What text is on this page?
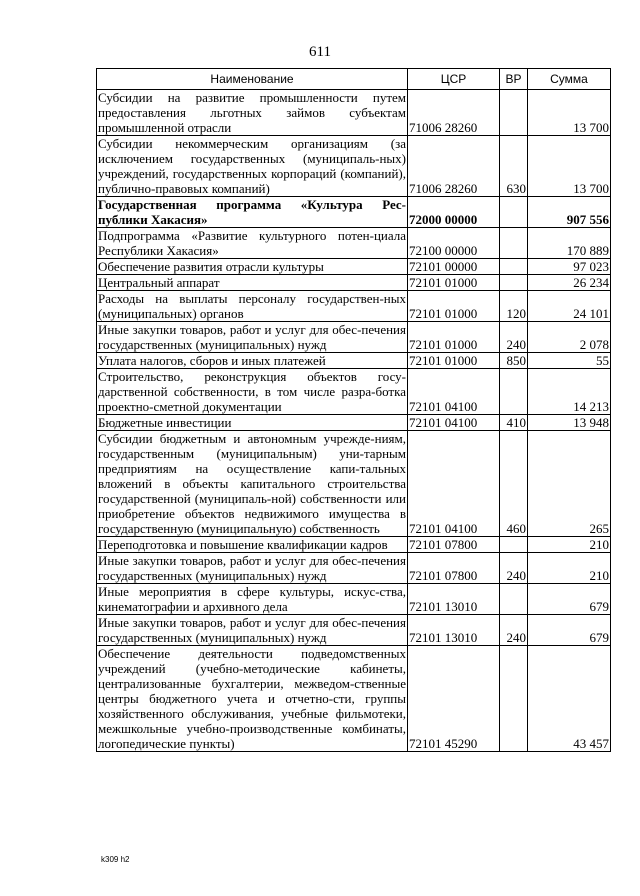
611
Наименование	ЦСР	ВР	Сумма
Субсидии на развитие промышленности путем предоставления льготных займов субъектам промышленной отрасли	71006 28260		13 700
Субсидии некоммерческим организациям (за исключением государственных (муниципаль-ных) учреждений, государственных корпораций (компаний), публично-правовых компаний)	71006 28260	630	13 700
Государственная программа «Культура Рес-публики Хакасия»	72000 00000		907 556
Подпрограмма «Развитие культурного потен-циала Республики Хакасия»	72100 00000		170 889
Обеспечение развития отрасли культуры	72101 00000		97 023
Центральный аппарат	72101 01000		26 234
Расходы на выплаты персоналу государствен-ных (муниципальных) органов	72101 01000	120	24 101
Иные закупки товаров, работ и услуг для обес-печения государственных (муниципальных) нужд	72101 01000	240	2 078
Уплата налогов, сборов и иных платежей	72101 01000	850	55
Строительство, реконструкция объектов госу-дарственной собственности, в том числе разра-ботка проектно-сметной документации	72101 04100		14 213
Бюджетные инвестиции	72101 04100	410	13 948
Субсидии бюджетным и автономным учрежде-ниям, государственным (муниципальным) уни-тарным предприятиям на осуществление капи-тальных вложений в объекты капитального строительства государственной (муниципаль-ной) собственности или приобретение объектов недвижимого имущества в государственную (муниципальную) собственность	72101 04100	460	265
Переподготовка и повышение квалификации кадров	72101 07800		210
Иные закупки товаров, работ и услуг для обес-печения государственных (муниципальных) нужд	72101 07800	240	210
Иные мероприятия в сфере культуры, искус-ства, кинематографии и архивного дела	72101 13010		679
Иные закупки товаров, работ и услуг для обес-печения государственных (муниципальных) нужд	72101 13010	240	679
Обеспечение деятельности подведомственных учреждений (учебно-методические кабинеты, централизованные бухгалтерии, межведом-ственные центры бюджетного учета и отчетно-сти, группы хозяйственного обслуживания, учебные фильмотеки, межшкольные учебно-производственные комбинаты, логопедические пункты)	72101 45290		43 457
k309 h2
